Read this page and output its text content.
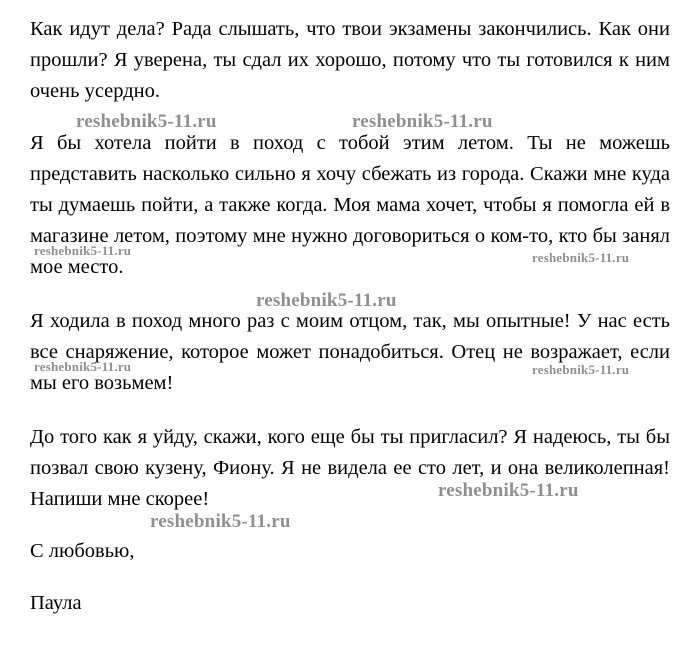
Как идут дела? Рада слышать, что твои экзамены закончились. Как они прошли? Я уверена, ты сдал их хорошо, потому что ты готовился к ним очень усердно.

Я бы хотела пойти в поход с тобой этим летом. Ты не можешь представить насколько сильно я хочу сбежать из города. Скажи мне куда ты думаешь пойти, а также когда. Моя мама хочет, чтобы я помогла ей в магазине летом, поэтому мне нужно договориться о ком-то, кто бы занял мое место.

Я ходила в поход много раз с моим отцом, так, мы опытные! У нас есть все снаряжение, которое может понадобиться. Отец не возражает, если мы его возьмем!

До того как я уйду, скажи, кого еще бы ты пригласил? Я надеюсь, ты бы позвал свою кузену, Фиону. Я не видела ее сто лет, и она великолепная! Напиши мне скорее!

С любовью,

Паула

reshebnik5-11.ru	reshebnik5-11.ru
reshebnik5-11.ru	reshebnik5-11.ru
reshebnik5-11.ru
reshebnik5-11.ru	reshebnik5-11.ru
reshebnik5-11.ru
reshebnik5-11.ru
